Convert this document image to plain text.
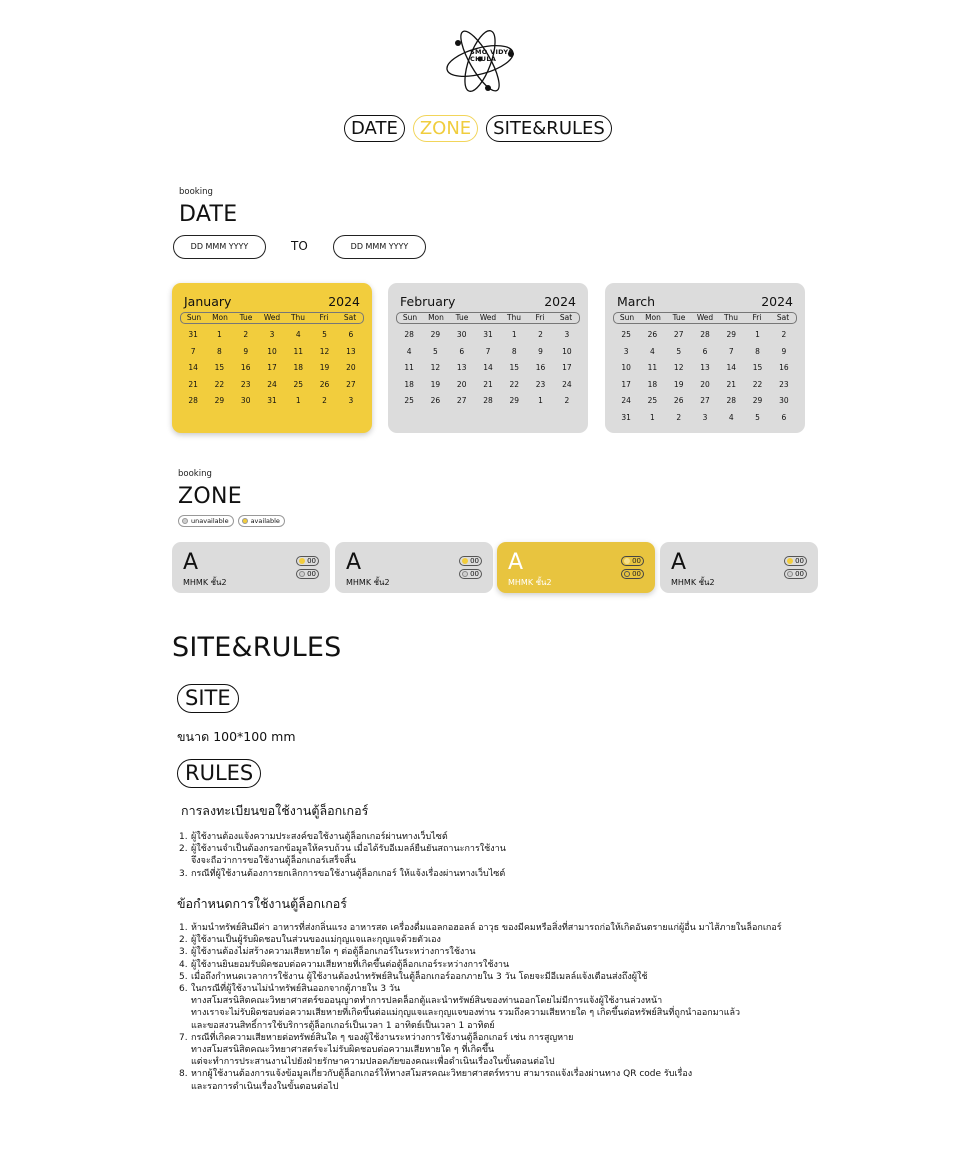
SMO VIDYA
CHULA
DATE	ZONE	SITE&RULES
booking
DATE
DD MMM YYYY	TO	DD MMM YYYY
January	2024
Sun	Mon	Tue	Wed	Thu	Fri	Sat
31	1	2	3	4	5	6
7	8	9	10	11	12	13
14	15	16	17	18	19	20
21	22	23	24	25	26	27
28	29	30	31	1	2	3
February	2024
Sun	Mon	Tue	Wed	Thu	Fri	Sat
28	29	30	31	1	2	3
4	5	6	7	8	9	10
11	12	13	14	15	16	17
18	19	20	21	22	23	24
25	26	27	28	29	1	2
March	2024
Sun	Mon	Tue	Wed	Thu	Fri	Sat
25	26	27	28	29	1	2
3	4	5	6	7	8	9
10	11	12	13	14	15	16
17	18	19	20	21	22	23
24	25	26	27	28	29	30
31	1	2	3	4	5	6
booking
ZONE
unavailable	available
A
MHMK ชั้น2
00
00 A
MHMK ชั้น2
00
00 A
MHMK ชั้น2
00
00 A
MHMK ชั้น2
00
00
SITE&RULES
SITE
ขนาด 100*100 mm
RULES
การลงทะเบียนขอใช้งานตู้ล็อกเกอร์
1. ผู้ใช้งานต้องแจ้งความประสงค์ขอใช้งานตู้ล็อกเกอร์ผ่านทางเว็บไซต์
2. ผู้ใช้งานจำเป็นต้องกรอกข้อมูลให้ครบถ้วน เมื่อได้รับอีเมลล์ยืนยันสถานะการใช้งาน
จึงจะถือว่าการขอใช้งานตู้ล็อกเกอร์เสร็จสิ้น
3. กรณีที่ผู้ใช้งานต้องการยกเลิกการขอใช้งานตู้ล็อกเกอร์ ให้แจ้งเรื่องผ่านทางเว็บไซต์
ข้อกำหนดการใช้งานตู้ล็อกเกอร์
1. ห้ามนำทรัพย์สินมีค่า อาหารที่ส่งกลิ่นแรง อาหารสด เครื่องดื่มแอลกอฮอลล์ อาวุธ ของมีคมหรือสิ่งที่สามารถก่อให้เกิดอันตรายแก่ผู้อื่น มาไส้ภายในล็อกเกอร์
2. ผู้ใช้งานเป็นผู้รับผิดชอบในส่วนของแม่กุญแจและกุญแจด้วยตัวเอง
3. ผู้ใช้งานต้องไม่สร้างความเสียหายใด ๆ ต่อตู้ล็อกเกอร์ในระหว่างการใช้งาน
4. ผู้ใช้งานยินยอมรับผิดชอบต่อความเสียหายที่เกิดขึ้นต่อตู้ล็อกเกอร์ระหว่างการใช้งาน
5. เมื่อถึงกำหนดเวลาการใช้งาน ผู้ใช้งานต้องนำทรัพย์สินในตู้ล็อกเกอร์ออกภายใน 3 วัน โดยจะมีอีเมลล์แจ้งเตือนส่งถึงผู้ใช้
6. ในกรณีที่ผู้ใช้งานไม่นำทรัพย์สินออกจากตู้ภายใน 3 วัน
ทางสโมสรนิสิตคณะวิทยาศาสตร์ขออนุญาตทำการปลดล็อกตู้และนำทรัพย์สินของท่านออกโดยไม่มีการแจ้งผู้ใช้งานล่วงหน้า
ทางเราจะไม่รับผิดชอบต่อความเสียหายที่เกิดขึ้นต่อแม่กุญแจและกุญแจของท่าน รวมถึงความเสียหายใด ๆ เกิดขึ้นต่อทรัพย์สินที่ถูกนำออกมาแล้ว
และขอสงวนสิทธิ์การใช้บริการตู้ล็อกเกอร์เป็นเวลา 1 อาทิตย์เป็นเวลา 1 อาทิตย์
7. กรณีที่เกิดความเสียหายต่อทรัพย์สินใด ๆ ของผู้ใช้งานระหว่างการใช้งานตู้ล็อกเกอร์ เช่น การสูญหาย
ทางสโมสรนิสิตคณะวิทยาศาสตร์จะไม่รับผิดชอบต่อความเสียหายใด ๆ ที่เกิดขึ้น
แต่จะทำการประสานงานไปยังฝ่ายรักษาความปลอดภัยของคณะเพื่อดำเนินเรื่องในขั้นตอนต่อไป
8. หากผู้ใช้งานต้องการแจ้งข้อมูลเกี่ยวกับตู้ล็อกเกอร์ให้ทางสโมสรคณะวิทยาศาสตร์ทราบ สามารถแจ้งเรื่องผ่านทาง QR code รับเรื่อง
และรอการดำเนินเรื่องในขั้นตอนต่อไป
